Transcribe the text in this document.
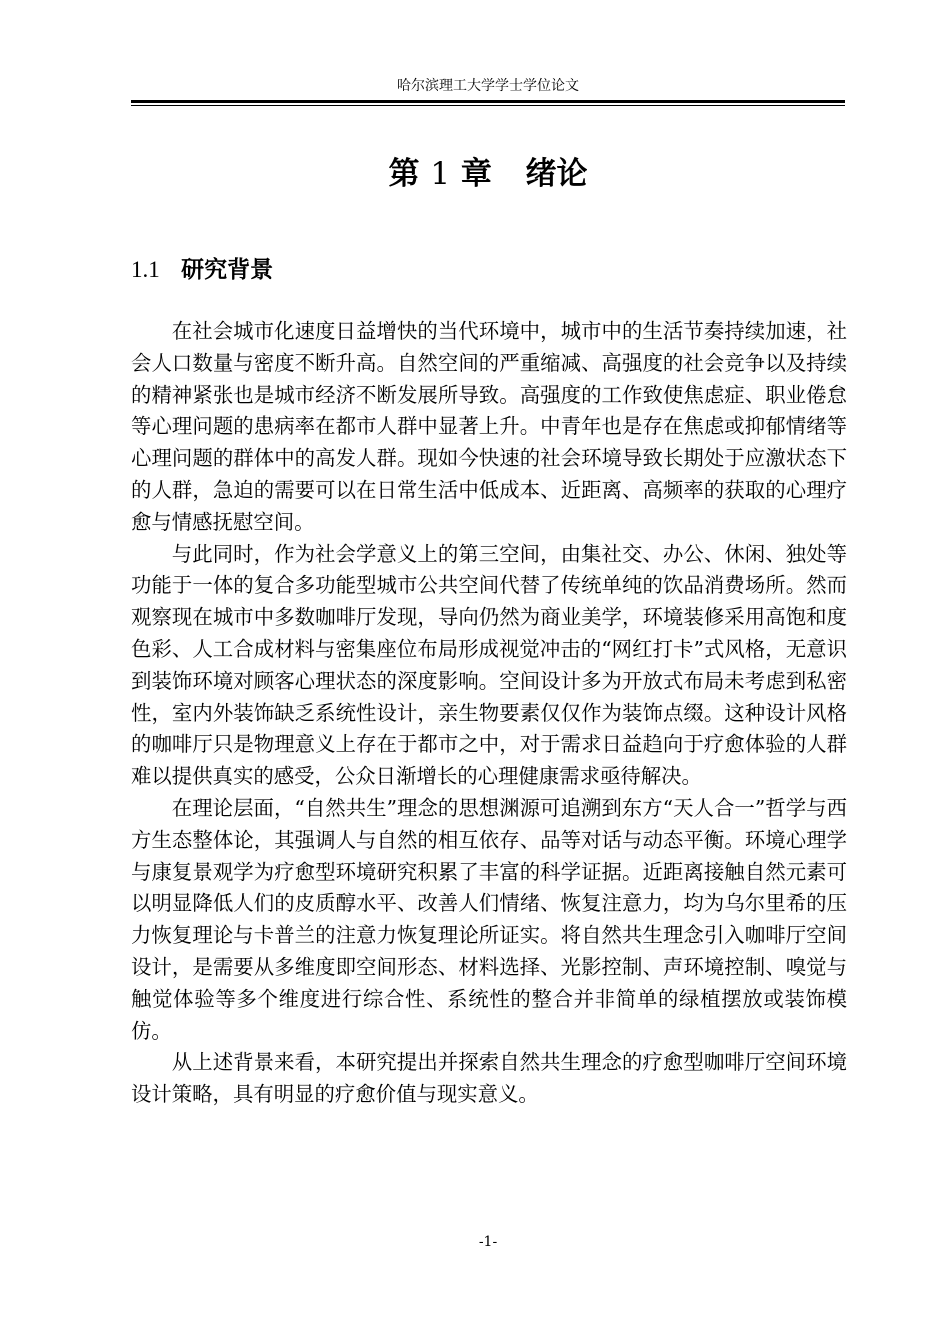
哈尔滨理工大学学士学位论文
第 1 章 绪论
1.1 研究背景

在社会城市化速度日益增快的当代环境中，城市中的生活节奏持续加速，社会人口数量与密度不断升高。自然空间的严重缩减、高强度的社会竞争以及持续的精神紧张也是城市经济不断发展所导致。高强度的工作致使焦虑症、职业倦怠等心理问题的患病率在都市人群中显著上升。中青年也是存在焦虑或抑郁情绪等心理问题的群体中的高发人群。现如今快速的社会环境导致长期处于应激状态下的人群，急迫的需要可以在日常生活中低成本、近距离、高频率的获取的心理疗愈与情感抚慰空间。

与此同时，作为社会学意义上的第三空间，由集社交、办公、休闲、独处等功能于一体的复合多功能型城市公共空间代替了传统单纯的饮品消费场所。然而观察现在城市中多数咖啡厅发现，导向仍然为商业美学，环境装修采用高饱和度色彩、人工合成材料与密集座位布局形成视觉冲击的“网红打卡”式风格，无意识到装饰环境对顾客心理状态的深度影响。空间设计多为开放式布局未考虑到私密性，室内外装饰缺乏系统性设计，亲生物要素仅仅作为装饰点缀。这种设计风格的咖啡厅只是物理意义上存在于都市之中，对于需求日益趋向于疗愈体验的人群难以提供真实的感受，公众日渐增长的心理健康需求亟待解决。

在理论层面，“自然共生”理念的思想渊源可追溯到东方“天人合一”哲学与西方生态整体论，其强调人与自然的相互依存、品等对话与动态平衡。环境心理学与康复景观学为疗愈型环境研究积累了丰富的科学证据。近距离接触自然元素可以明显降低人们的皮质醇水平、改善人们情绪、恢复注意力，均为乌尔里希的压力恢复理论与卡普兰的注意力恢复理论所证实。将自然共生理念引入咖啡厅空间设计，是需要从多维度即空间形态、材料选择、光影控制、声环境控制、嗅觉与触觉体验等多个维度进行综合性、系统性的整合并非简单的绿植摆放或装饰模仿。

从上述背景来看，本研究提出并探索自然共生理念的疗愈型咖啡厅空间环境设计策略，具有明显的疗愈价值与现实意义。

-1-
